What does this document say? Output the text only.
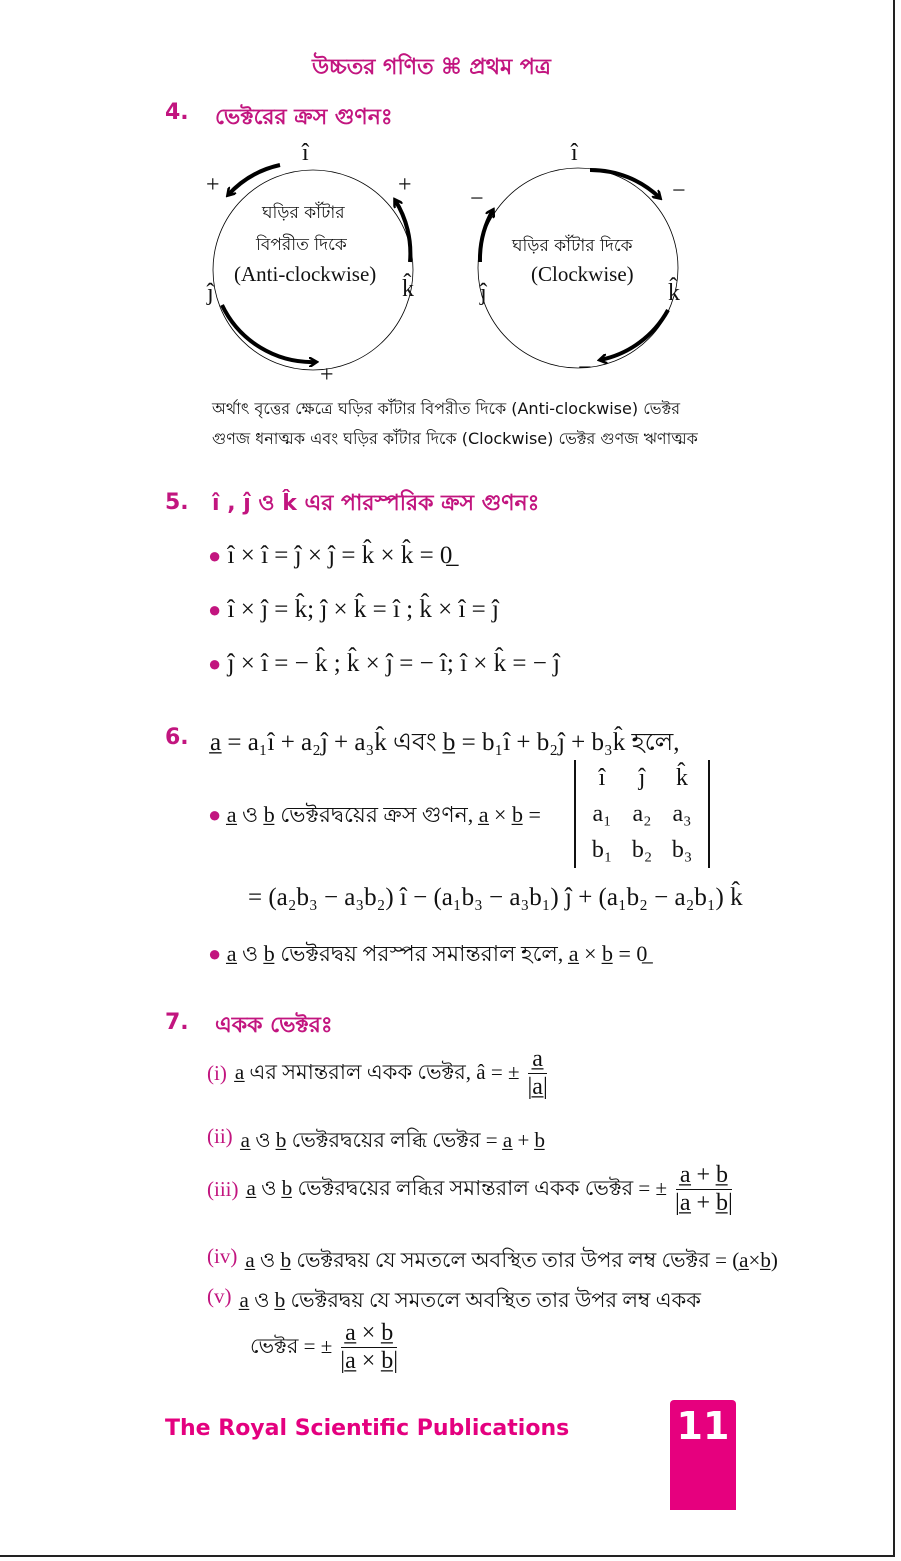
উচ্চতর গণিত ⌘ প্রথম পত্র
4. ভেক্টরের ক্রস গুণনঃ
î
ĵ	k̂
+	+
+
ঘড়ির কাঁটার
বিপরীত দিকে
(Anti-clockwise)
î
ĵ	k̂
−
−
−
ঘড়ির কাঁটার দিকে
(Clockwise)
অর্থাৎ বৃত্তের ক্ষেত্রে ঘড়ির কাঁটার বিপরীত দিকে (Anti-clockwise) ভেক্টর
গুণজ ধনাত্মক এবং ঘড়ির কাঁটার দিকে (Clockwise) ভেক্টর গুণজ ঋণাত্মক
5. î , ĵ ও k̂ এর পারস্পরিক ক্রস গুণনঃ
● î × î = ĵ × ĵ = k̂ × k̂ = 0̲
● î × ĵ = k̂; ĵ × k̂ = î ; k̂ × î = ĵ
● ĵ × î = − k̂ ; k̂ × ĵ = − î; î × k̂ = − ĵ
6. a̲ = a₁î + a₂ĵ + a₃k̂ এবং b̲ = b₁î + b₂ĵ + b₃k̂ হলে,
● a̲ ও b̲ ভেক্টরদ্বয়ের ক্রস গুণন, a̲ × b̲ =
î	ĵ	k̂
a₁ a₂ a₃
b₁ b₂ b₃
= (a₂b₃ − a₃b₂) î − (a₁b₃ − a₃b₁) ĵ + (a₁b₂ − a₂b₁) k̂
● a̲ ও b̲ ভেক্টরদ্বয় পরস্পর সমান্তরাল হলে, a̲ × b̲ = 0̲
7. একক ভেক্টরঃ
(i) a̲ এর সমান্তরাল একক ভেক্টর, â = ± $\frac{a̲}{|a̲|}$
(ii) a̲ ও b̲ ভেক্টরদ্বয়ের লব্ধি ভেক্টর = a̲ + b̲
(iii) a̲ ও b̲ ভেক্টরদ্বয়ের লব্ধির সমান্তরাল একক ভেক্টর = ± $\frac{a̲ + b̲}{|a̲ + b̲|}$
(iv) a̲ ও b̲ ভেক্টরদ্বয় যে সমতলে অবস্থিত তার উপর লম্ব ভেক্টর = (a̲×b̲)
(v) a̲ ও b̲ ভেক্টরদ্বয় যে সমতলে অবস্থিত তার উপর লম্ব একক
ভেক্টর = ± $\frac{a̲ \times b̲}{|a̲ \times b̲|}$
The Royal Scientific Publications	11
